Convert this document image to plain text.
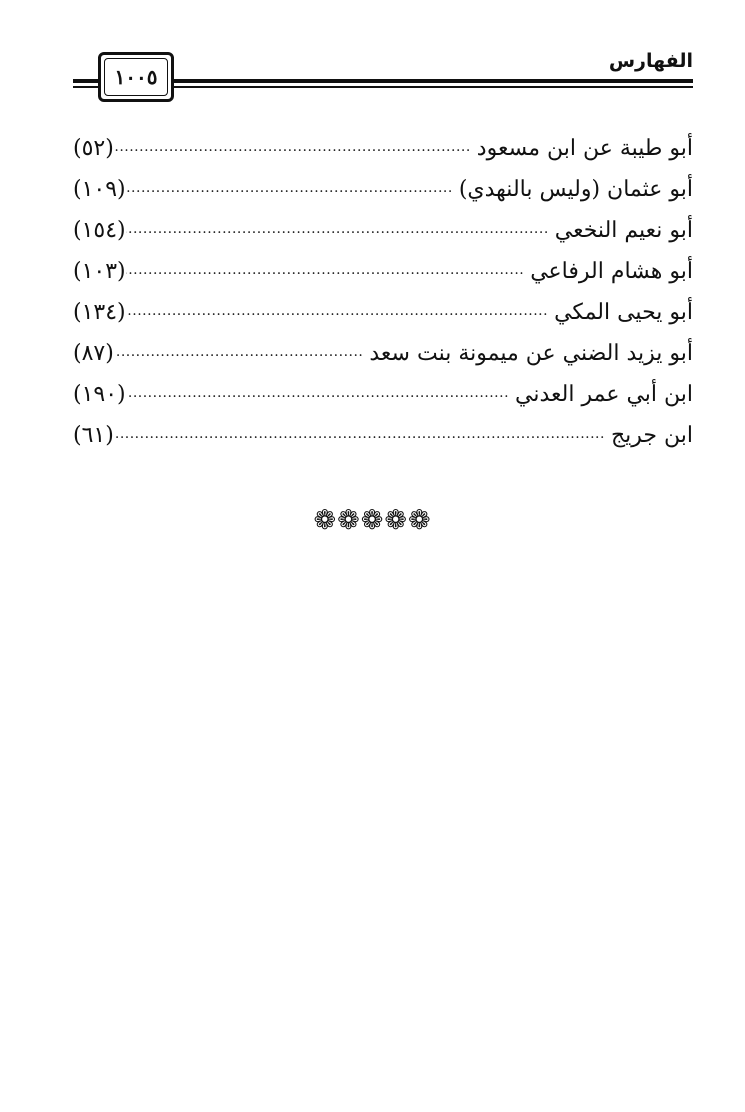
الفهارس
١٠٠٥
أبو طيبة عن ابن مسعود
.....
(٥٢)
أبو عثمان (وليس بالنهدي)
.....
(١٠٩)
أبو نعيم النخعي
.....
(١٥٤)
أبو هشام الرفاعي
.....
(١٠٣)
أبو يحيى المكي
.....
(١٣٤)
أبو يزيد الضني عن ميمونة بنت سعد
.....
(٨٧)
ابن أبي عمر العدني
.....
(١٩٠)
ابن جريج
.....
(٦١)
❁❁❁❁❁
